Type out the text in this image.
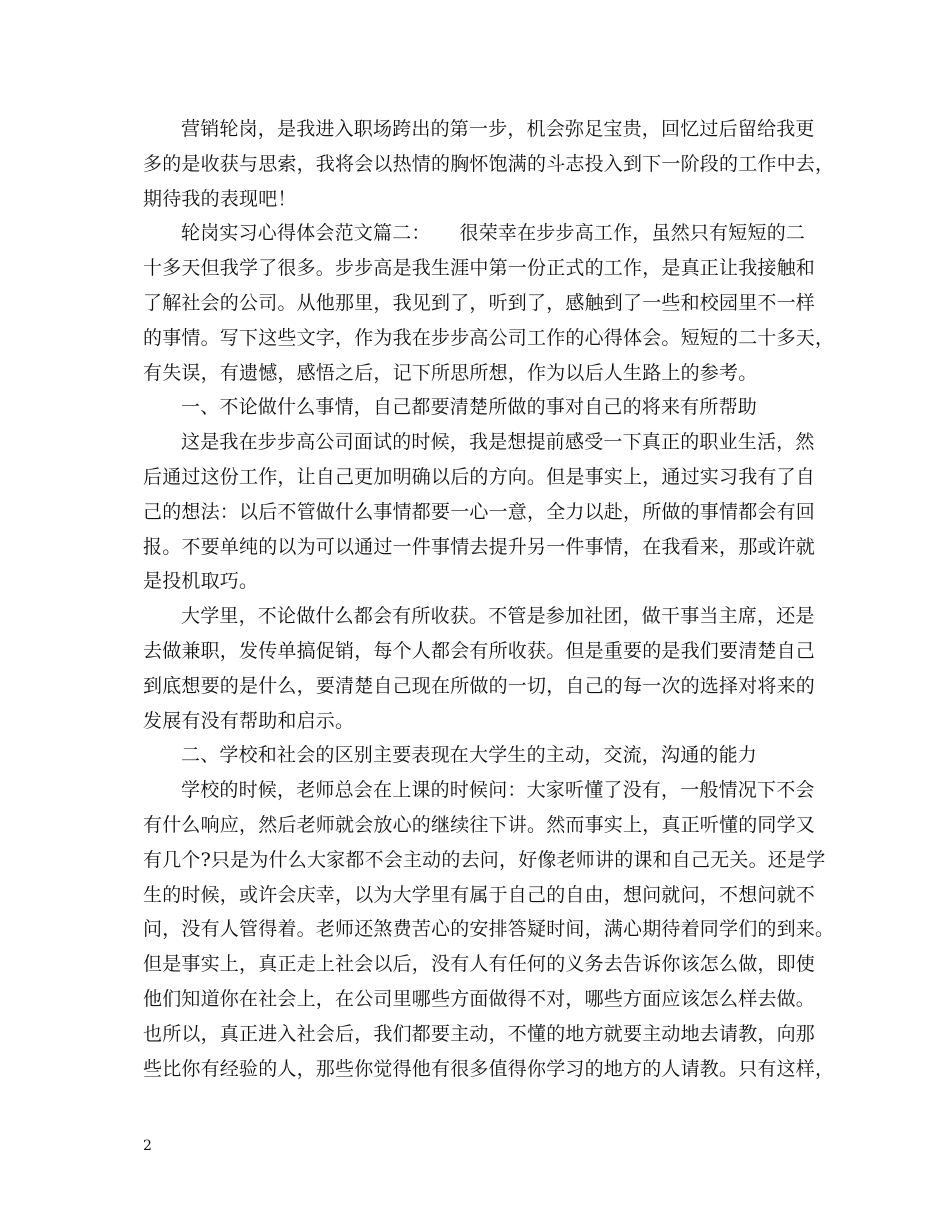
营销轮岗，是我进入职场跨出的第一步，机会弥足宝贵，回忆过后留给我更
多的是收获与思索，我将会以热情的胸怀饱满的斗志投入到下一阶段的工作中去，
期待我的表现吧！
轮岗实习心得体会范文篇二：　　很荣幸在步步高工作，虽然只有短短的二
十多天但我学了很多。步步高是我生涯中第一份正式的工作，是真正让我接触和
了解社会的公司。从他那里，我见到了，听到了，感触到了一些和校园里不一样
的事情。写下这些文字，作为我在步步高公司工作的心得体会。短短的二十多天，
有失误，有遗憾，感悟之后，记下所思所想，作为以后人生路上的参考。
一、不论做什么事情，自己都要清楚所做的事对自己的将来有所帮助
这是我在步步高公司面试的时候，我是想提前感受一下真正的职业生活，然
后通过这份工作，让自己更加明确以后的方向。但是事实上，通过实习我有了自
己的想法：以后不管做什么事情都要一心一意，全力以赴，所做的事情都会有回
报。不要单纯的以为可以通过一件事情去提升另一件事情，在我看来，那或许就
是投机取巧。
大学里，不论做什么都会有所收获。不管是参加社团，做干事当主席，还是
去做兼职，发传单搞促销，每个人都会有所收获。但是重要的是我们要清楚自己
到底想要的是什么，要清楚自己现在所做的一切，自己的每一次的选择对将来的
发展有没有帮助和启示。
二、学校和社会的区别主要表现在大学生的主动，交流，沟通的能力
学校的时候，老师总会在上课的时候问：大家听懂了没有，一般情况下不会
有什么响应，然后老师就会放心的继续往下讲。然而事实上，真正听懂的同学又
有几个?只是为什么大家都不会主动的去问，好像老师讲的课和自己无关。还是学
生的时候，或许会庆幸，以为大学里有属于自己的自由，想问就问，不想问就不
问，没有人管得着。老师还煞费苦心的安排答疑时间，满心期待着同学们的到来。
但是事实上，真正走上社会以后，没有人有任何的义务去告诉你该怎么做，即使
他们知道你在社会上，在公司里哪些方面做得不对，哪些方面应该怎么样去做。
也所以，真正进入社会后，我们都要主动，不懂的地方就要主动地去请教，向那
些比你有经验的人，那些你觉得他有很多值得你学习的地方的人请教。只有这样，
2
